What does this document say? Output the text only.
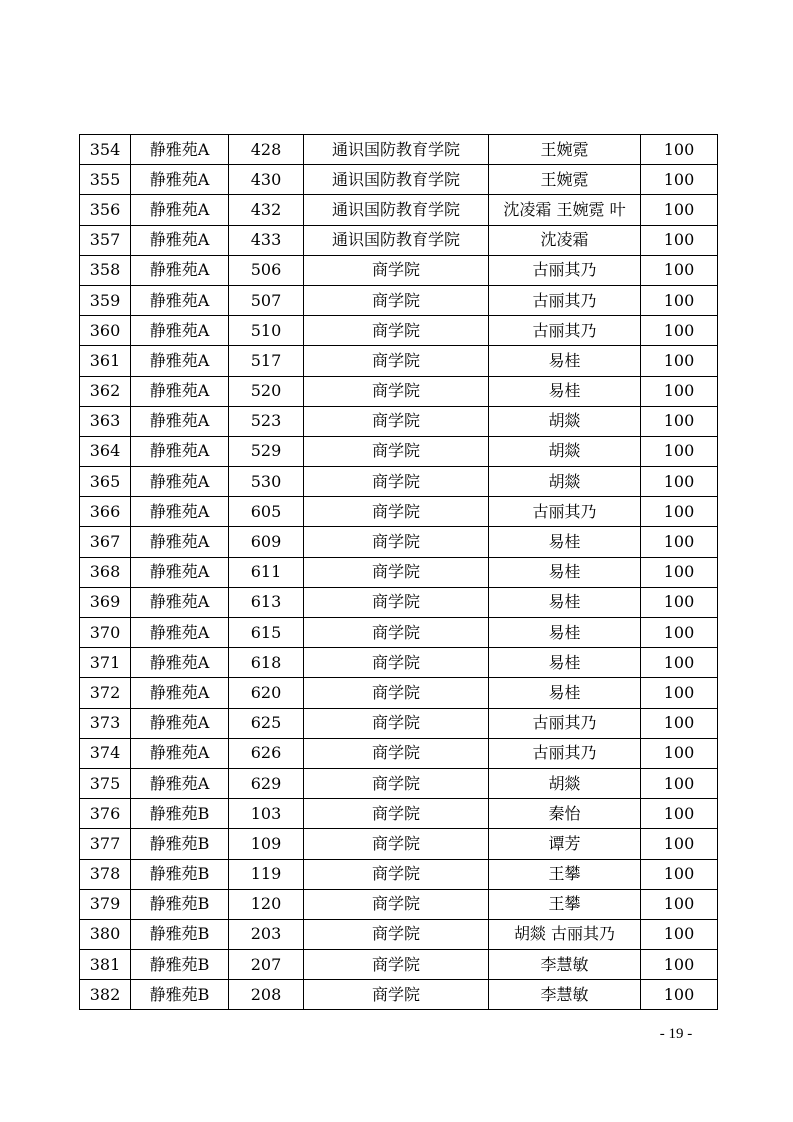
354	静雅苑A	428	通识国防教育学院	王婉霓	100
355	静雅苑A	430	通识国防教育学院	王婉霓	100
356	静雅苑A	432	通识国防教育学院	沈凌霜 王婉霓 叶	100
357	静雅苑A	433	通识国防教育学院	沈凌霜	100
358	静雅苑A	506	商学院	古丽其乃	100
359	静雅苑A	507	商学院	古丽其乃	100
360	静雅苑A	510	商学院	古丽其乃	100
361	静雅苑A	517	商学院	易桂	100
362	静雅苑A	520	商学院	易桂	100
363	静雅苑A	523	商学院	胡燚	100
364	静雅苑A	529	商学院	胡燚	100
365	静雅苑A	530	商学院	胡燚	100
366	静雅苑A	605	商学院	古丽其乃	100
367	静雅苑A	609	商学院	易桂	100
368	静雅苑A	611	商学院	易桂	100
369	静雅苑A	613	商学院	易桂	100
370	静雅苑A	615	商学院	易桂	100
371	静雅苑A	618	商学院	易桂	100
372	静雅苑A	620	商学院	易桂	100
373	静雅苑A	625	商学院	古丽其乃	100
374	静雅苑A	626	商学院	古丽其乃	100
375	静雅苑A	629	商学院	胡燚	100
376	静雅苑B	103	商学院	秦怡	100
377	静雅苑B	109	商学院	谭芳	100
378	静雅苑B	119	商学院	王攀	100
379	静雅苑B	120	商学院	王攀	100
380	静雅苑B	203	商学院	胡燚 古丽其乃	100
381	静雅苑B	207	商学院	李慧敏	100
382	静雅苑B	208	商学院	李慧敏	100
- 19 -
